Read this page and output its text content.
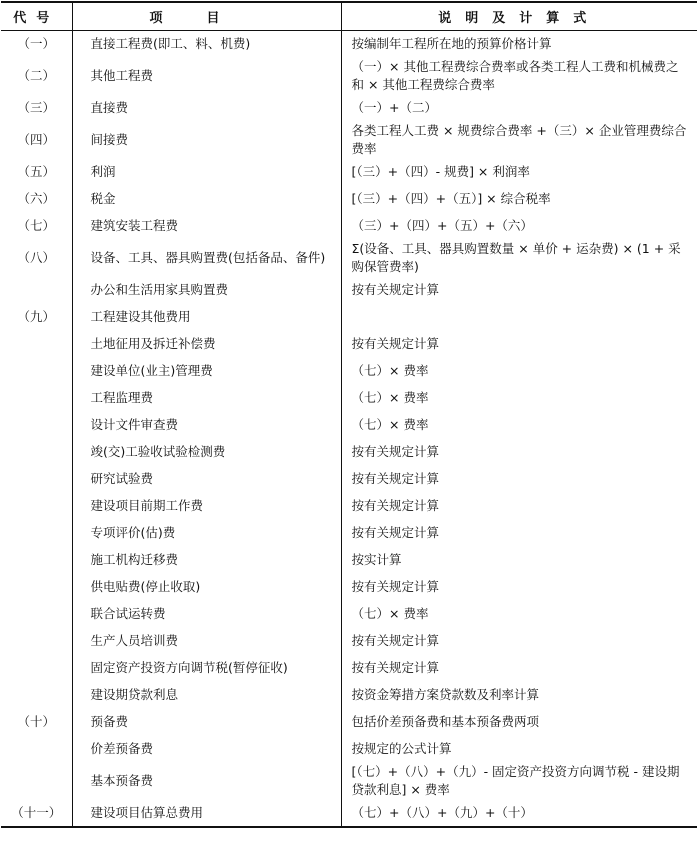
代号	项目	说明及计算式
（一）	直接工程费(即工、料、机费)	按编制年工程所在地的预算价格计算
（二）	其他工程费	（一）× 其他工程费综合费率或各类工程人工费和机械费之和 × 其他工程费综合费率
（三）	直接费	（一）+（二）
（四）	间接费	各类工程人工费 × 规费综合费率 +（三）× 企业管理费综合费率
（五）	利润	[（三）+（四）- 规费] × 利润率
（六）	税金	[（三）+（四）+（五）] × 综合税率
（七）	建筑安装工程费	（三）+（四）+（五）+（六）
（八）	设备、工具、器具购置费(包括备品、备件)	Σ(设备、工具、器具购置数量 × 单价 + 运杂费) × (1 + 采购保管费率)
	办公和生活用家具购置费	按有关规定计算
（九）	工程建设其他费用	
	土地征用及拆迁补偿费	按有关规定计算
	建设单位(业主)管理费	（七）× 费率
	工程监理费	（七）× 费率
	设计文件审查费	（七）× 费率
	竣(交)工验收试验检测费	按有关规定计算
	研究试验费	按有关规定计算
	建设项目前期工作费	按有关规定计算
	专项评价(估)费	按有关规定计算
	施工机构迁移费	按实计算
	供电贴费(停止收取)	按有关规定计算
	联合试运转费	（七）× 费率
	生产人员培训费	按有关规定计算
	固定资产投资方向调节税(暂停征收)	按有关规定计算
	建设期贷款利息	按资金筹措方案贷款数及利率计算
（十）	预备费	包括价差预备费和基本预备费两项
	价差预备费	按规定的公式计算
	基本预备费	[（七）+（八）+（九）- 固定资产投资方向调节税 - 建设期贷款利息] × 费率
（十一）	建设项目估算总费用	（七）+（八）+（九）+（十）
